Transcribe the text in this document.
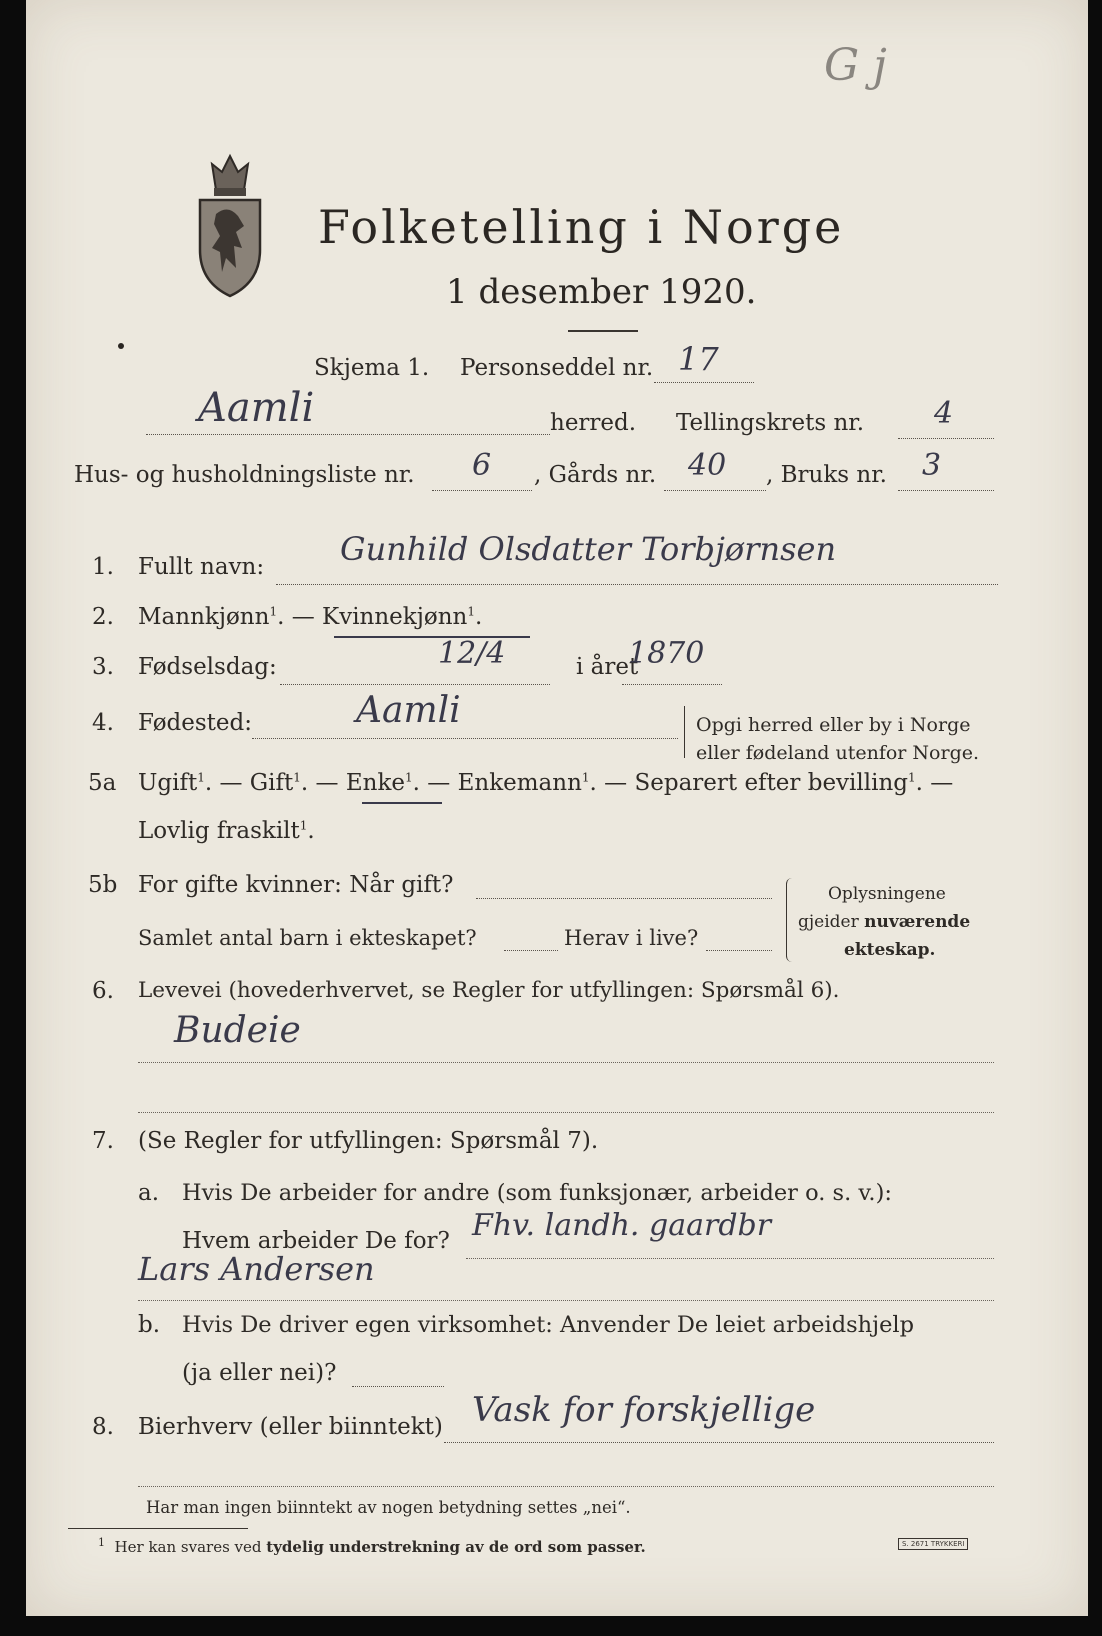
G j
Folketelling i Norge
1 desember 1920.
Skjema 1. Personseddel nr. 17
Aamli	herred. Tellingskrets nr. 4
Hus- og husholdningsliste nr. 6 , Gårds nr. 40 , Bruks nr. 3
1. Fullt navn: Gunhild Olsdatter Torbjørnsen
2. Mannkjønn$^1$. — Kvinnekjønn$^1$.
3. Fødselsdag:	12/4	i året
1870
4. Fødested:	Aamli	Opgi herred eller by i Norge
eller fødeland utenfor Norge.
5a Ugift$^1$. — Gift$^1$. — Enke$^1$. — Enkemann$^1$. — Separert efter bevilling$^1$. —
Lovlig fraskilt$^1$.
5b For gifte kvinner: Når gift?
Samlet antal barn i ekteskapet?	Herav i live?
Oplysningene
gjeider nuværende
ekteskap.
6. Levevei (hovederhvervet, se Regler for utfyllingen: Spørsmål 6).
Budeie
7. (Se Regler for utfyllingen: Spørsmål 7).
a. Hvis De arbeider for andre (som funksjonær, arbeider o. s. v.):
Hvem arbeider De for? Fhv. landh. gaardbr
Lars Andersen
b. Hvis De driver egen virksomhet: Anvender De leiet arbeidshjelp
(ja eller nei)?
8. Bierhverv (eller biinntekt) Vask for forskjellige
Har man ingen biinntekt av nogen betydning settes „nei“.
$^1$ Her kan svares ved tydelig understrekning av de ord som passer.	S. 2671 TRYKKERI
